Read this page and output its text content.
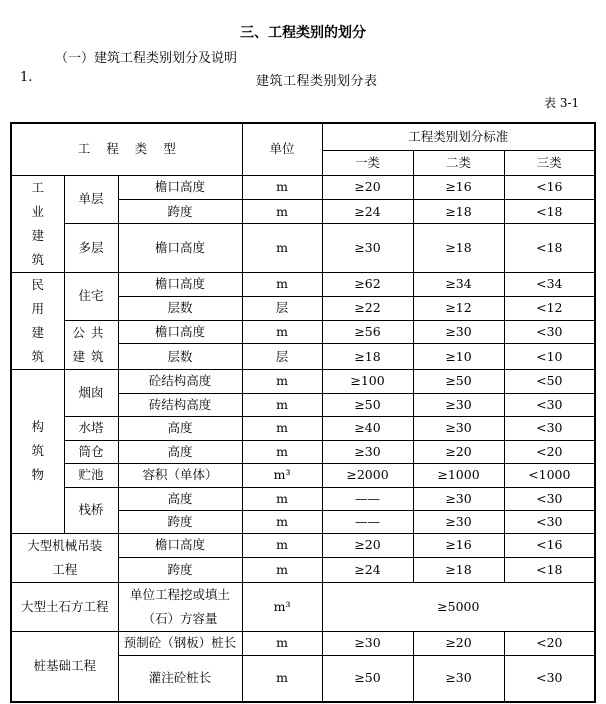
三、工程类别的划分
（一）建筑工程类别划分及说明
1.	建筑工程类别划分表
表 3-1
工程类型			单位	工程类别划分标准		
				一类	二类	三类

工业建筑	单层	檐口高度	m	≥20	≥16	<16
		跨度	m	≥24	≥18	<18
	多层	檐口高度	m	≥30	≥18	<18

民用建筑	住宅	檐口高度	m	≥62	≥34	<34
		层数	层	≥22	≥12	<12

	公共建筑	檐口高度	m	≥56	≥30	<30
		层数	层	≥18	≥10	<10

构筑物	烟囱	砼结构高度	m	≥100	≥50	<50
		砖结构高度	m	≥50	≥30	<30
	水塔	高度	m	≥40	≥30	<30
	筒仓	高度	m	≥30	≥20	<20
	贮池	容积（单体）	m³	≥2000	≥1000	<1000
	栈桥	高度	m	——	≥30	<30
		跨度	m	——	≥30	<30

大型机械吊装工程		檐口高度	m	≥20	≥16	<16
		跨度	m	≥24	≥18	<18
大型土石方工程		单位工程挖或填土（石）方容量	m³	≥5000		
桩基础工程		预制砼（钢板）桩长	m	≥30	≥20	<20
		灌注砼桩长	m	≥50	≥30	<30
